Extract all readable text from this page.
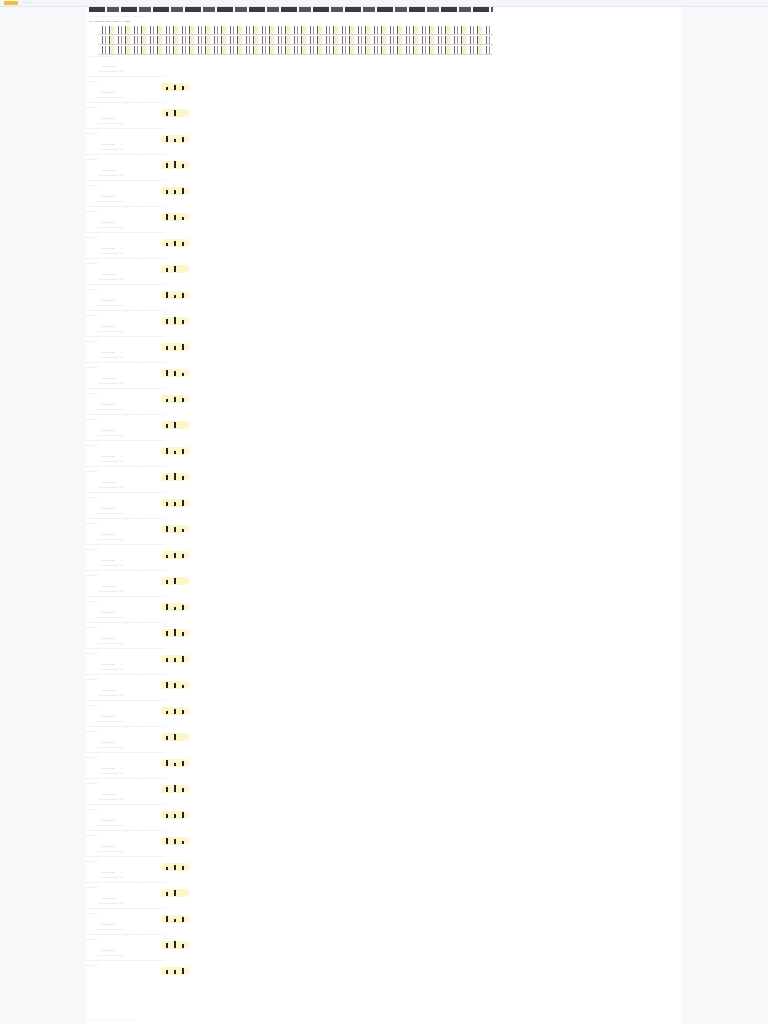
·· ··· ···· ····	··· ···
·· ·········· ····· ···· ··· ····· ····· ··· ····· ·····
·· · ···· ···· ····· ····· ·· · ·····
· ·· ··· ···· ····· ···· · ·
· ···· ·····
···· ···· ··· ········ ···
·· ··· ········· ···· ······ ····· ··· ····· ····· ······ ··· ········ ··· ····· ···
·· ····· ···
· ···· ·····
···· ···· ··· ········ ···
·· ··· ········· ···· ······ ····· ··· ····· ····· ······ ··· ········ ··· ····· ···
·· ····· ···
· ···· ·····
···· ···· ··· ········ ···
·· ··· ········· ···· ······ ····· ··· ····· ····· ······ ··· ········ ··· ····· ···
·· ····· ···
· ···· ·····
···· ···· ··· ········ ···
·· ··· ········· ···· ······ ····· ··· ····· ····· ······ ··· ········ ··· ····· ···
·· ····· ···
· ···· ·····
···· ···· ··· ········ ···
·· ··· ········· ···· ······ ····· ··· ····· ····· ······ ··· ········ ··· ····· ···
·· ····· ···
· ···· ·····
···· ···· ··· ········ ···
·· ··· ········· ···· ······ ····· ··· ····· ····· ······ ··· ········ ··· ····· ···
·· ····· ···
· ···· ·····
···· ···· ··· ········ ···
·· ··· ········· ···· ······ ····· ··· ····· ····· ······ ··· ········ ··· ····· ···
·· ····· ···
· ···· ·····
···· ···· ··· ········ ···
·· ··· ········· ···· ······ ····· ··· ····· ····· ······ ··· ········ ··· ····· ···
·· ····· ···
· ···· ·····
···· ···· ··· ········ ···
·· ··· ········· ···· ······ ····· ··· ····· ····· ······ ··· ········ ··· ····· ···
·· ····· ···
· ···· ·····
···· ···· ··· ········ ···
·· ··· ········· ···· ······ ····· ··· ····· ····· ······ ··· ········ ··· ····· ···
·· ····· ···
· ···· ·····
···· ···· ··· ········ ···
·· ··· ········· ···· ······ ····· ··· ····· ····· ······ ··· ········ ··· ····· ···
·· ····· ···
· ···· ·····
···· ···· ··· ········ ···
·· ··· ········· ···· ······ ····· ··· ····· ····· ······ ··· ········ ··· ····· ···
·· ····· ···
· ···· ·····
···· ···· ··· ········ ···
·· ··· ········· ···· ······ ····· ··· ····· ····· ······ ··· ········ ··· ····· ···
·· ····· ···
· ···· ·····
···· ···· ··· ········ ···
·· ··· ········· ···· ······ ····· ··· ····· ····· ······ ··· ········ ··· ····· ···
·· ····· ···
· ···· ·····
···· ···· ··· ········ ···
·· ··· ········· ···· ······ ····· ··· ····· ····· ······ ··· ········ ··· ····· ···
·· ····· ···
· ···· ·····
···· ···· ··· ········ ···
·· ··· ········· ···· ······ ····· ··· ····· ····· ······ ··· ········ ··· ····· ···
·· ····· ···
· ···· ·····
···· ···· ··· ········ ···
·· ··· ········· ···· ······ ····· ··· ····· ····· ······ ··· ········ ··· ····· ···
·· ····· ···
· ···· ·····
···· ···· ··· ········ ···
·· ··· ········· ···· ······ ····· ··· ····· ····· ······ ··· ········ ··· ····· ···
·· ····· ···
· ···· ·····
···· ···· ··· ········ ···
·· ··· ········· ···· ······ ····· ··· ····· ····· ······ ··· ········ ··· ····· ···
·· ····· ···
· ···· ·····
···· ···· ··· ········ ···
·· ··· ········· ···· ······ ····· ··· ····· ····· ······ ··· ········ ··· ····· ···
·· ····· ···
· ···· ·····
···· ···· ··· ········ ···
·· ··· ········· ···· ······ ····· ··· ····· ····· ······ ··· ········ ··· ····· ···
·· ····· ···
· ···· ·····
···· ···· ··· ········ ···
·· ··· ········· ···· ······ ····· ··· ····· ····· ······ ··· ········ ··· ····· ···
·· ····· ···
· ···· ·····
···· ···· ··· ········ ···
·· ··· ········· ···· ······ ····· ··· ····· ····· ······ ··· ········ ··· ····· ···
·· ····· ···
· ···· ·····
···· ···· ··· ········ ···
·· ··· ········· ···· ······ ····· ··· ····· ····· ······ ··· ········ ··· ····· ···
·· ····· ···
· ···· ·····
···· ···· ··· ········ ···
·· ··· ········· ···· ······ ····· ··· ····· ····· ······ ··· ········ ··· ····· ···
·· ····· ···
· ···· ·····
···· ···· ··· ········ ···
·· ··· ········· ···· ······ ····· ··· ····· ····· ······ ··· ········ ··· ····· ···
·· ····· ···
· ···· ·····
···· ···· ··· ········ ···
·· ··· ········· ···· ······ ····· ··· ····· ····· ······ ··· ········ ··· ····· ···
·· ····· ···
· ···· ·····
···· ···· ··· ········ ···
·· ··· ········· ···· ······ ····· ··· ····· ····· ······ ··· ········ ··· ····· ···
·· ····· ···
· ···· ·····
···· ···· ··· ········ ···
·· ··· ········· ···· ······ ····· ··· ····· ····· ······ ··· ········ ··· ····· ···
·· ····· ···
· ···· ·····
···· ···· ··· ········ ···
·· ··· ········· ···· ······ ····· ··· ····· ····· ······ ··· ········ ··· ····· ···
·· ····· ···
· ···· ·····
···· ···· ··· ········ ···
·· ··· ········· ···· ······ ····· ··· ····· ····· ······ ··· ········ ··· ····· ···
·· ····· ···
· ···· ·····
···· ···· ··· ········ ···
·· ··· ········· ···· ······ ····· ··· ····· ····· ······ ··· ········ ··· ····· ···
·· ····· ···
· ···· ·····
···· ···· ··· ········ ···
·· ··· ········· ···· ······ ····· ··· ····· ····· ······ ··· ········ ··· ····· ···
·· ····· ···
· ···· ·····
···· ···· ··· ········ ···
·· ··· ········· ···· ······ ····· ··· ····· ····· ······ ··· ········ ··· ····· ···
·· ····· ···
· ···· ·····
···· ···· ··· ········ ···
·· ··· ········· ···· ······ ····· ··· ····· ····· ······ ··· ········ ··· ····· ···
·· ····· ···
··· ···· ····· ···· ···· ··· ···· ···· ···· ·····
